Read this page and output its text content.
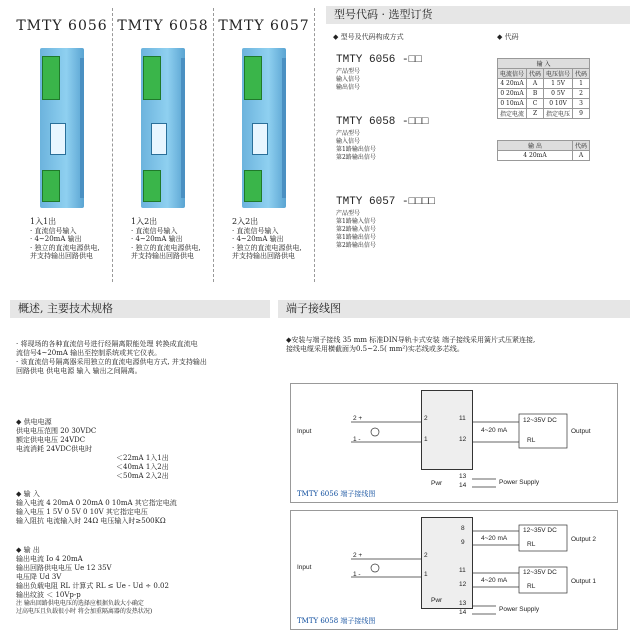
TMTY 6056
1入1出
· 直流信号输入
· 4~20mA 输出
· 独立的直流电源供电,
并支持输出回路供电
TMTY 6058
1入2出
· 直流信号输入
· 4~20mA 输出
· 独立的直流电源供电,
并支持输出回路供电
TMTY 6057
2入2出
· 直流信号输入
· 4~20mA 输出
· 独立的直流电源供电,
并支持输出回路供电
型号代码 · 选型订货
◆ 型号及代码构成方式	◆ 代码
TMTY 6056 -□□
产品型号
输入信号
输出信号
TMTY 6058 -□□□
产品型号
输入信号
第1路输出信号
第2路输出信号
TMTY 6057 -□□□□
产品型号
第1路输入信号
第2路输入信号
第1路输出信号
第2路输出信号
输 入			
电流信号	代码	电压信号	代码
4 20mA	A	1 5V	1
0 20mA	B	0 5V	2
0 10mA	C	0 10V	3
指定电流	Z	指定电压	9
输 出	代码
4 20mA	A
概述, 主要技术规格
· 将现场的各种直流信号进行经隔离限能处理 转换成直流电
流信号4~20mA 输出至控制系统或其它仪表。
· 该直流信号隔离器采用独立的直流电源供电方式, 并支持输出
回路供电 供电电源 输入 输出之间隔离。
◆ 供电电源
供电电压范围 20 30VDC
额定供电电压 24VDC
电流消耗 24VDC供电时
＜22mA 1入1出
＜40mA 1入2出
＜50mA 2入2出
◆ 输 入
输入电流 4 20mA 0 20mA 0 10mA 其它指定电流
输入电压 1 5V 0 5V 0 10V 其它指定电压
输入阻抗 电流输入时 24Ω 电压输入时≥500KΩ
◆ 输 出
输出电流 Io 4 20mA
输出回路供电电压 Ue 12 35V
电压降 Ud 3V
输出负载电阻 RL 计算式 RL ≤ Ue - Ud ÷ 0.02
输出纹波 ＜ 10Vp-p
注 输出回路供电电压的选择应根据负载大小确定
过高电压且负载很小时 将会加重隔离器的发热状况)
端子接线图
◆安装与端子接线 35 mm 标准DIN导轨卡式安装 端子接线采用簧片式压紧连接,
接线电缆采用横截面为0.5~2.5( mm²)实芯线或多芯线。
Input
2 +
1 -
2
1
11
12
4~20 mA
12~35V DC
RL
Output
13
14	Power Supply
Pwr
TMTY 6056 端子接线图
Input
2 +
1 -
2
1
8
9
11
12
4~20 mA
4~20 mA
12~35V DC
RL
12~35V DC
RL
Output 2
Output 1
13
14	Power Supply
Pwr
TMTY 6058 端子接线图
